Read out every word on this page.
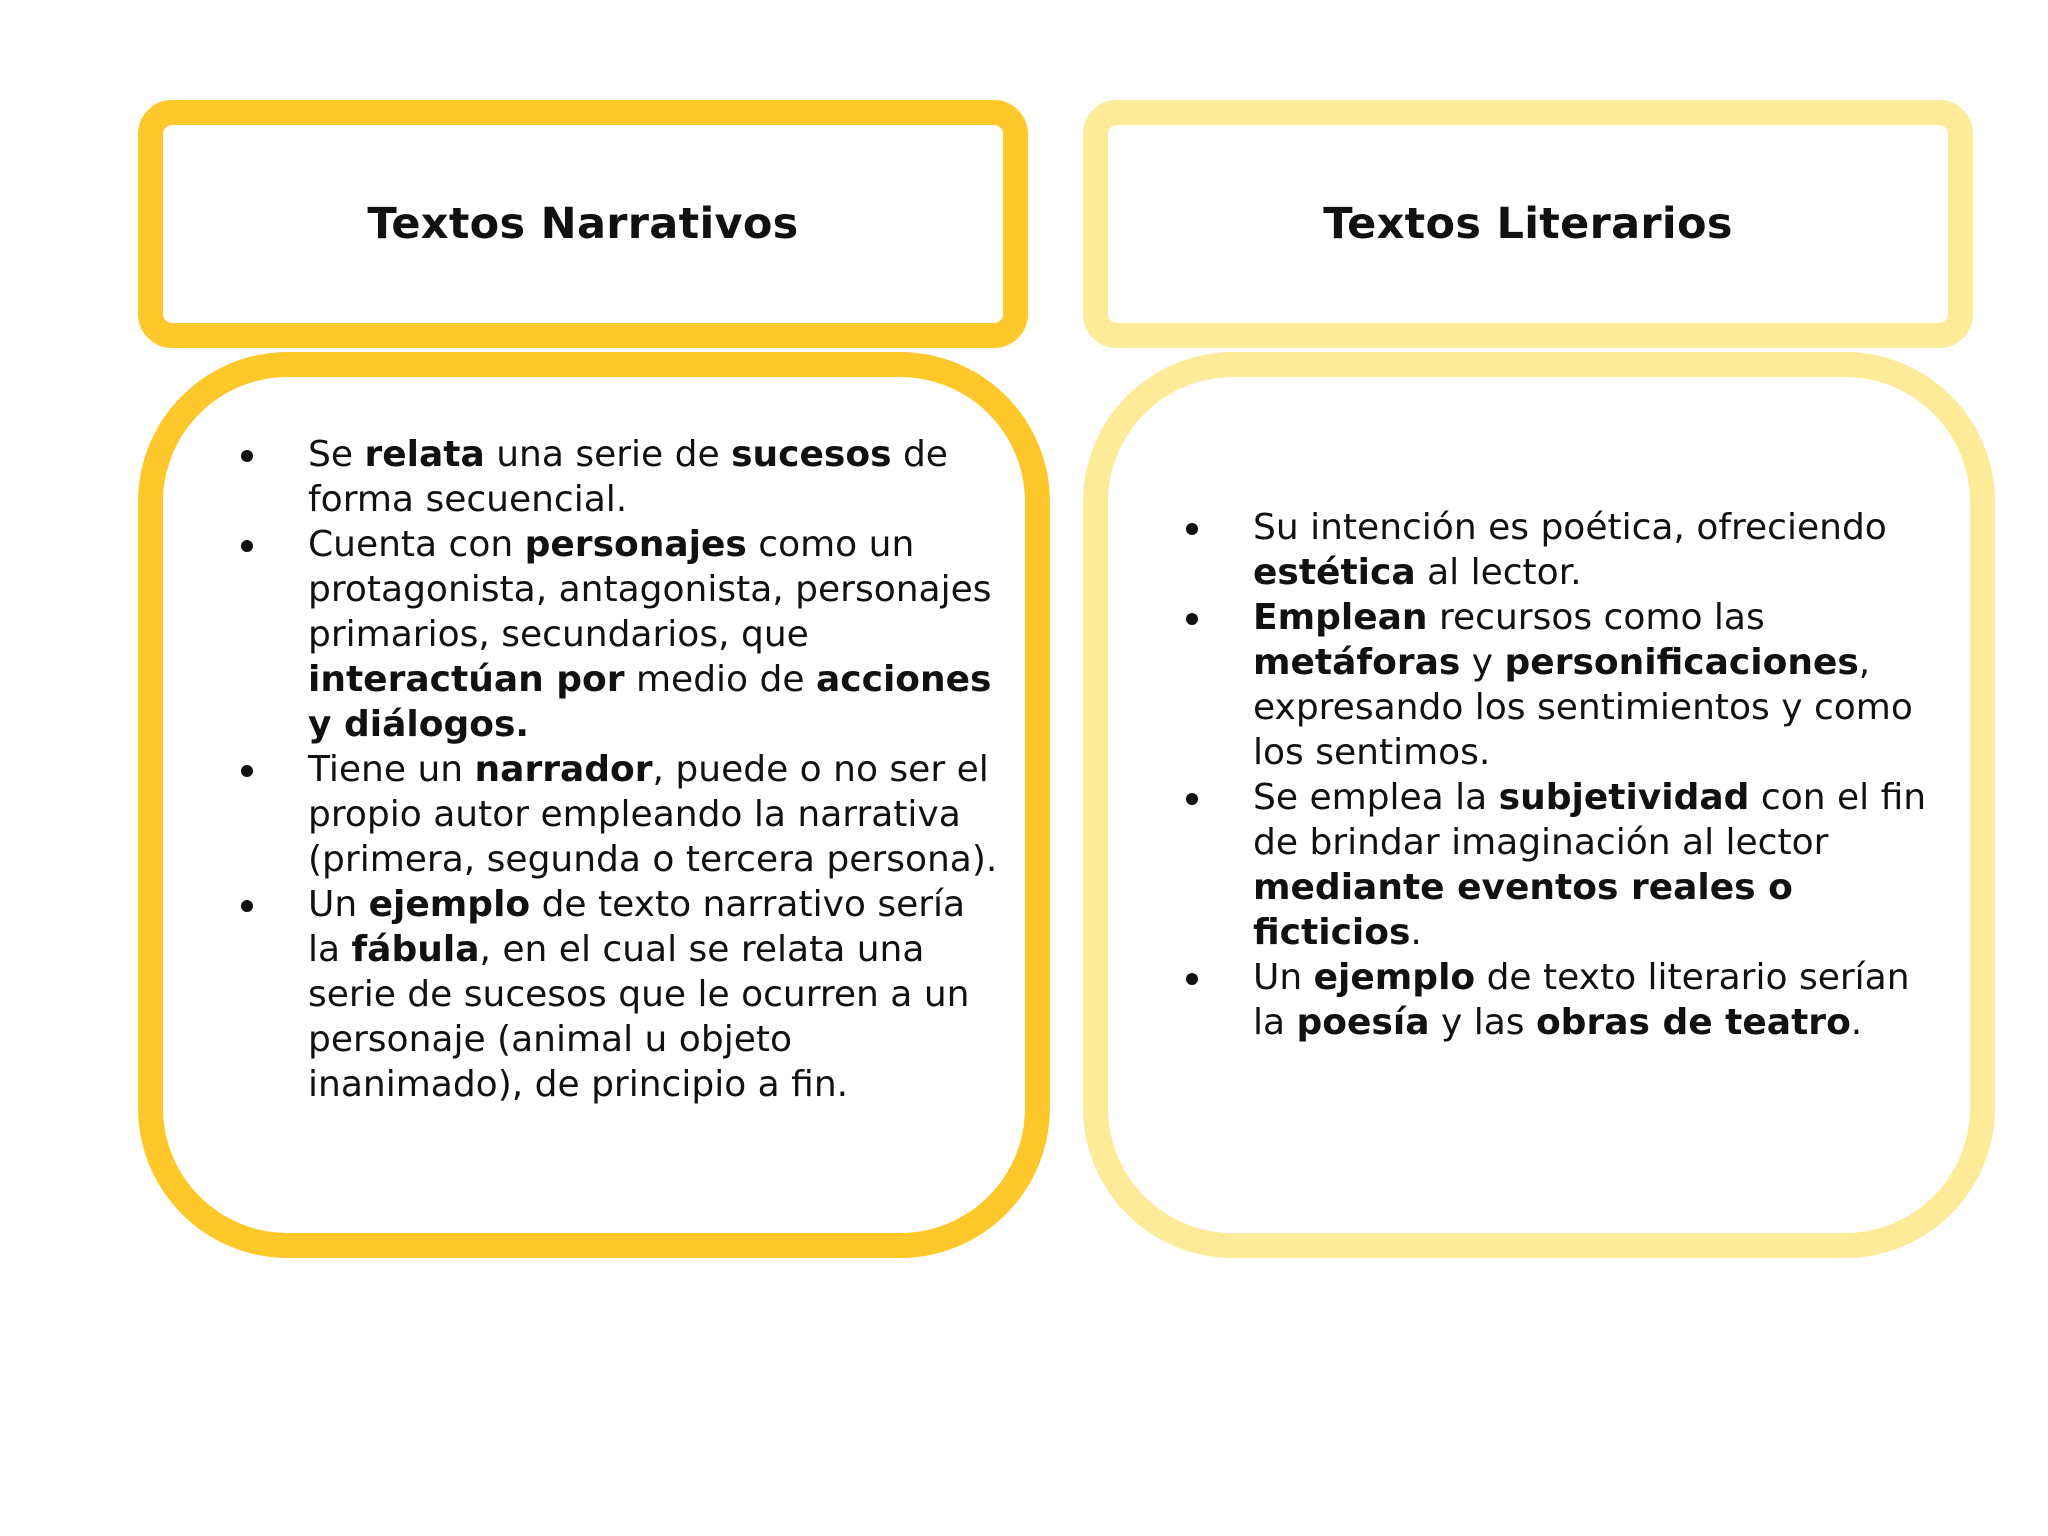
Textos Narrativos
Se relata una serie de sucesos de forma secuencial.
Cuenta con personajes como un protagonista, antagonista, personajes primarios, secundarios, que interactúan por medio de acciones y diálogos.
Tiene un narrador, puede o no ser el propio autor empleando la narrativa (primera, segunda o tercera persona).
Un ejemplo de texto narrativo sería la fábula, en el cual se relata una serie de sucesos que le ocurren a un personaje (animal u objeto inanimado), de principio a fin.
Textos Literarios
Su intención es poética, ofreciendo estética al lector.
Emplean recursos como las metáforas y personificaciones, expresando los sentimientos y como los sentimos.
Se emplea la subjetividad con el fin de brindar imaginación al lector mediante eventos reales o ficticios.
Un ejemplo de texto literario serían la poesía y las obras de teatro.
